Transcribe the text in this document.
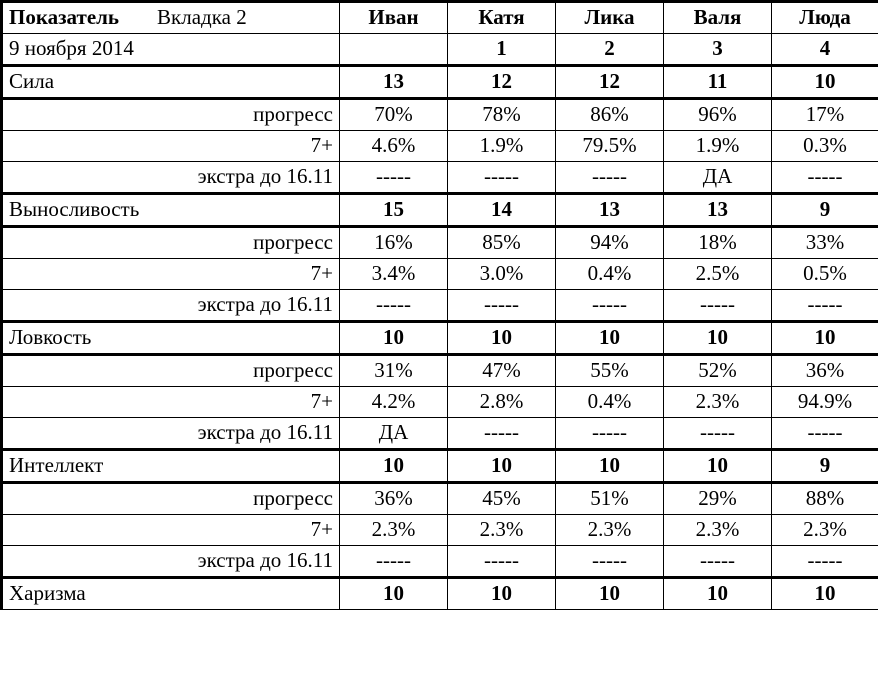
Показатель Вкладка 2	Иван	Катя	Лика	Валя	Люда
9 ноября 2014		1	2	3	4
Сила	13	12	12	11	10
прогресс	70%	78%	86%	96%	17%
7+	4.6%	1.9%	79.5%	1.9%	0.3%
экстра до 16.11	-----	-----	-----	ДА	-----
Выносливость	15	14	13	13	9
прогресс	16%	85%	94%	18%	33%
7+	3.4%	3.0%	0.4%	2.5%	0.5%
экстра до 16.11	-----	-----	-----	-----	-----
Ловкость	10	10	10	10	10
прогресс	31%	47%	55%	52%	36%
7+	4.2%	2.8%	0.4%	2.3%	94.9%
экстра до 16.11	ДА	-----	-----	-----	-----
Интеллект	10	10	10	10	9
прогресс	36%	45%	51%	29%	88%
7+	2.3%	2.3%	2.3%	2.3%	2.3%
экстра до 16.11	-----	-----	-----	-----	-----
Харизма	10	10	10	10	10
